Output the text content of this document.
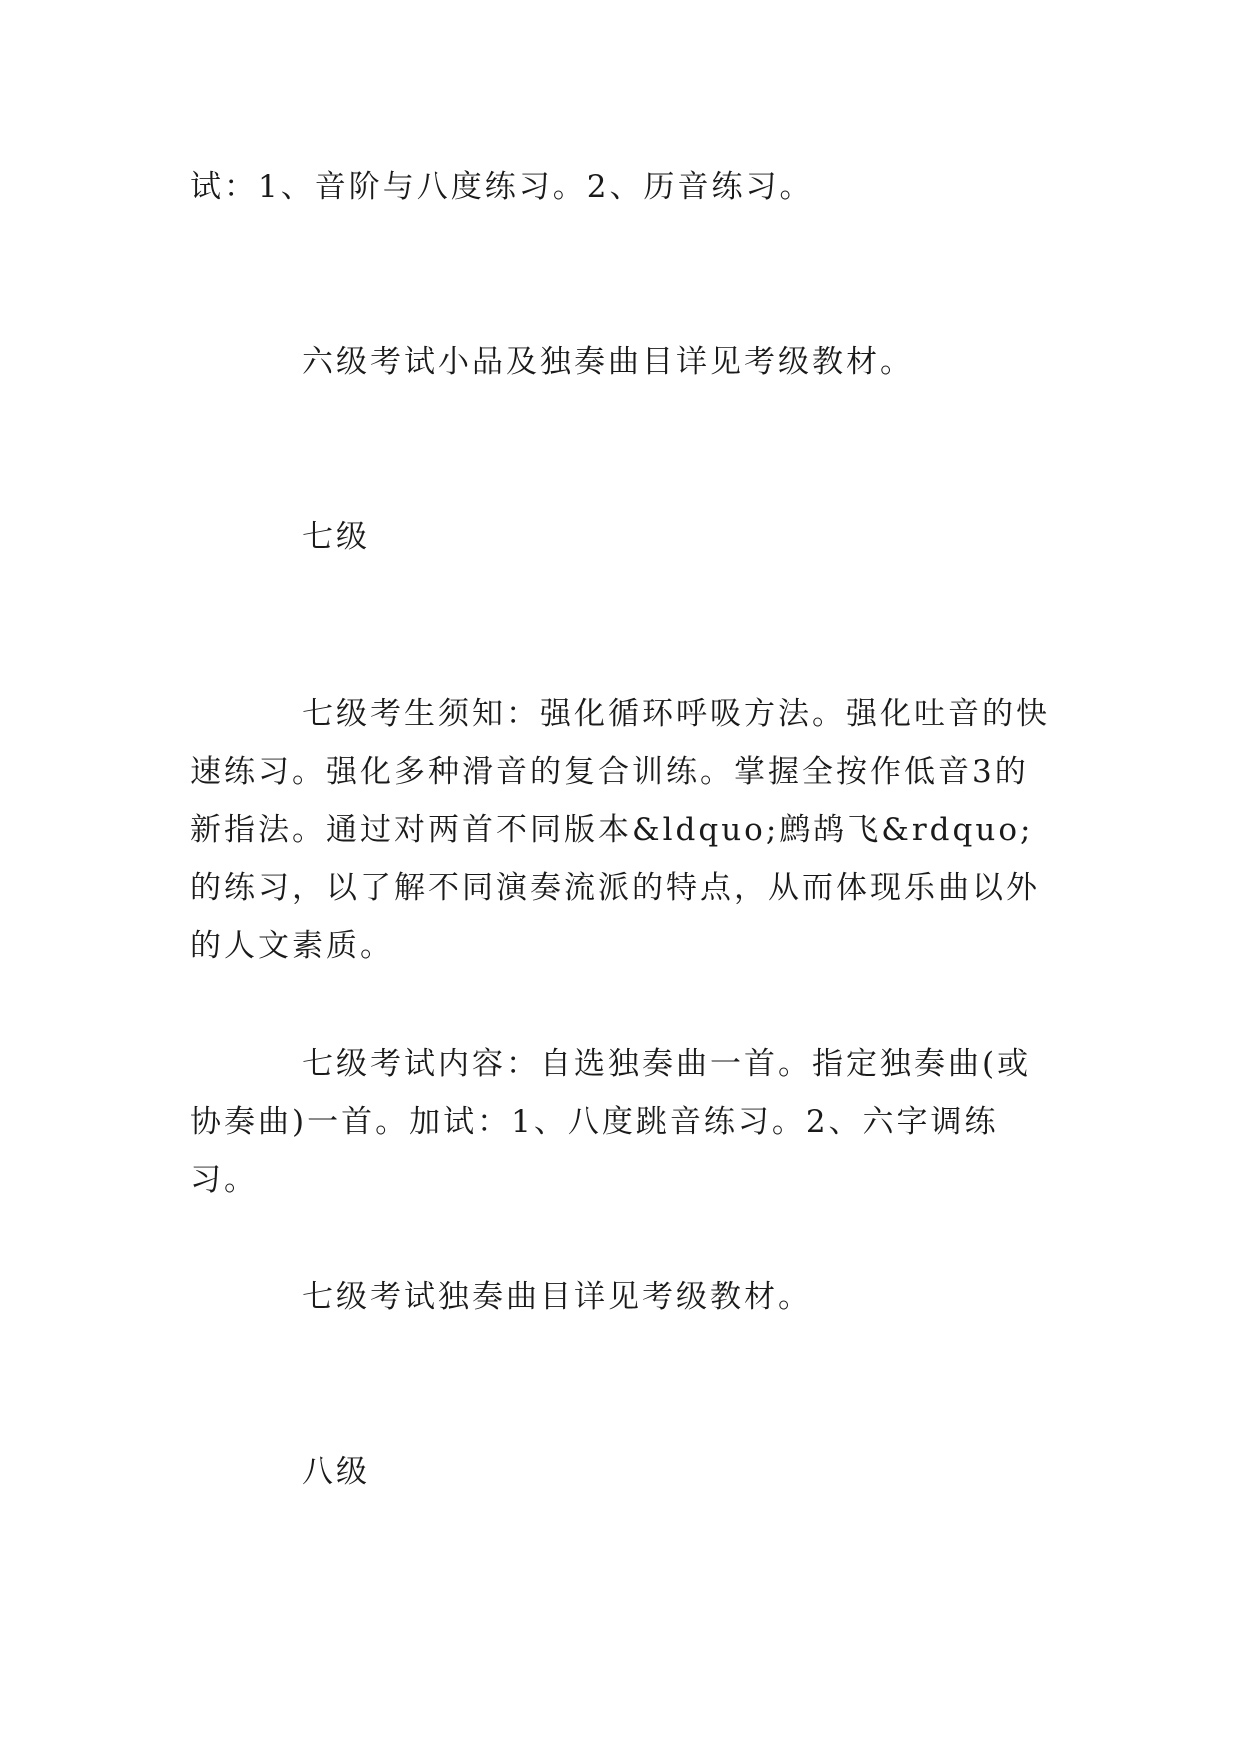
试：1、音阶与八度练习。2、历音练习。

六级考试小品及独奏曲目详见考级教材。

七级

七级考生须知：强化循环呼吸方法。强化吐音的快速练习。强化多种滑音的复合训练。掌握全按作低音3的新指法。通过对两首不同版本&ldquo;鹧鸪飞&rdquo;的练习，以了解不同演奏流派的特点，从而体现乐曲以外的人文素质。

七级考试内容：自选独奏曲一首。指定独奏曲(或协奏曲)一首。加试：1、八度跳音练习。2、六字调练习。

七级考试独奏曲目详见考级教材。

八级
